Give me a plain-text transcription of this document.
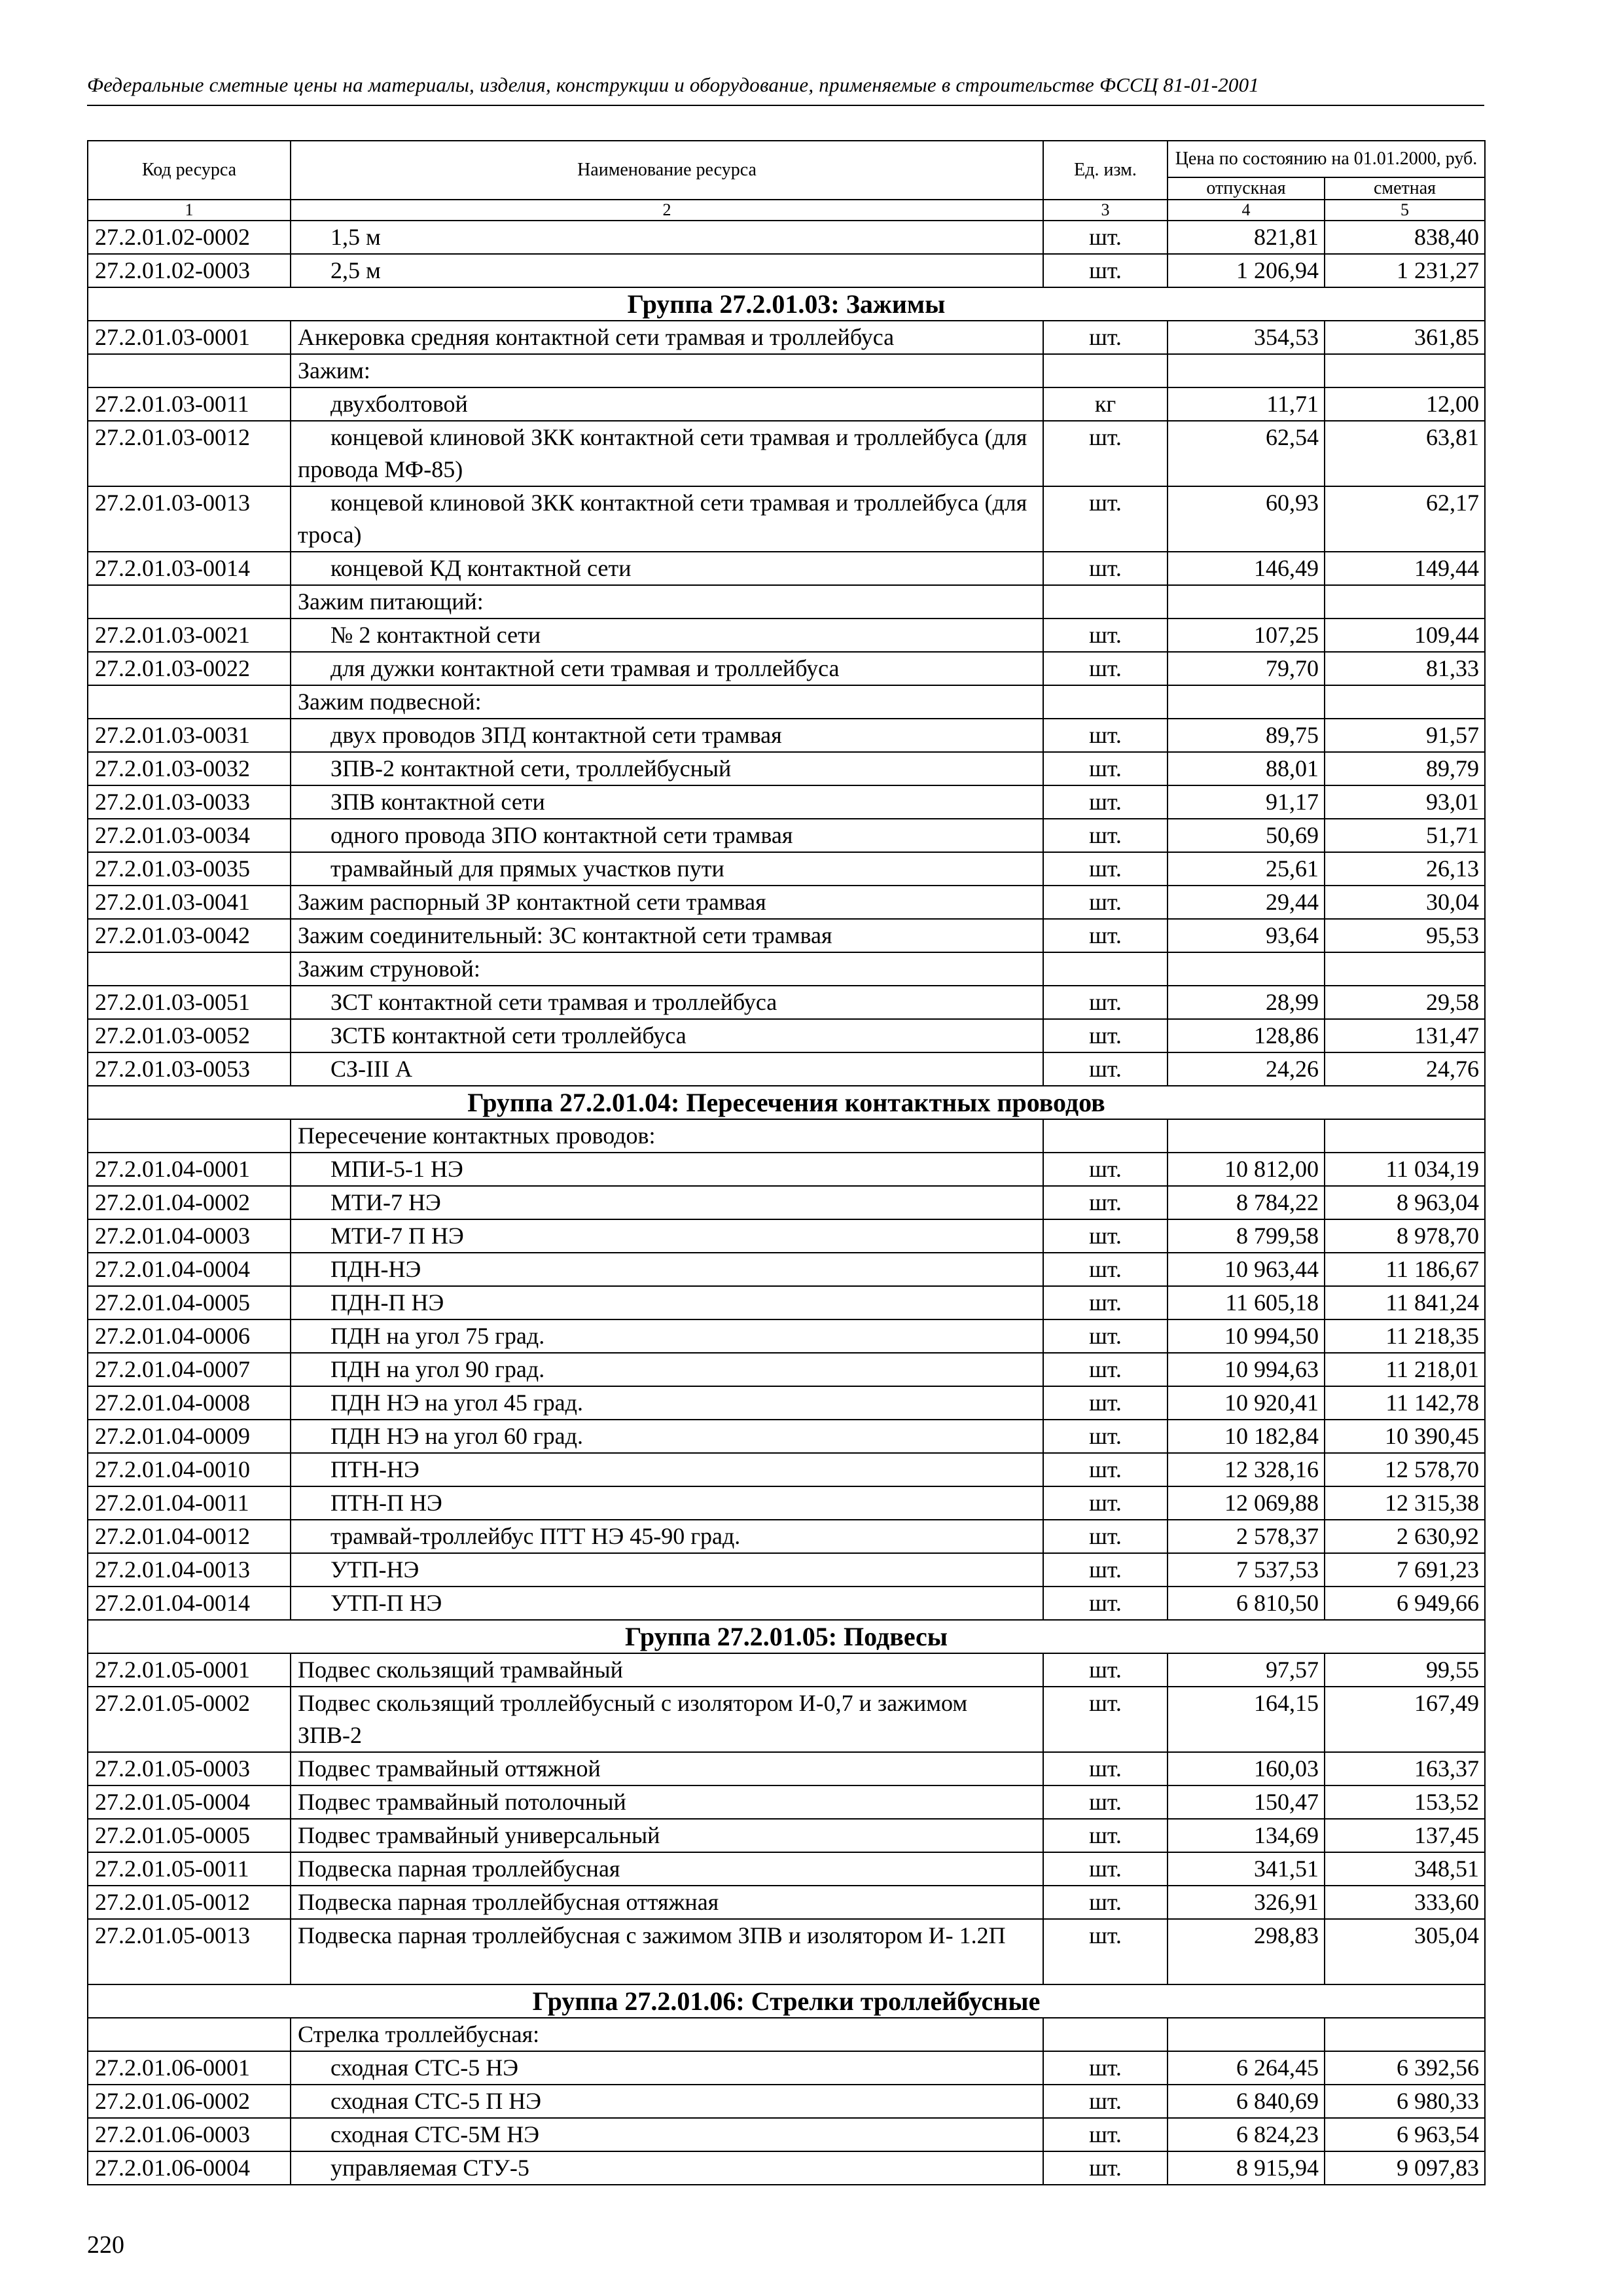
Федеральные сметные цены на материалы, изделия, конструкции и оборудование, применяемые в строительстве ФССЦ 81-01-2001
Код ресурса	Наименование ресурса	Ед. изм.	Цена по состоянию на 01.01.2000, руб.	
			отпускная	сметная
1	2	3	4	5
27.2.01.02-0002	1,5 м	шт.	821,81	838,40
27.2.01.02-0003	2,5 м	шт.	1 206,94	1 231,27
Группа 27.2.01.03: Зажимы				
27.2.01.03-0001	Анкеровка средняя контактной сети трамвая и троллейбуса	шт.	354,53	361,85
	Зажим:			
27.2.01.03-0011	двухболтовой	кг	11,71	12,00
27.2.01.03-0012	концевой клиновой ЗКК контактной сети трамвая и троллейбуса (для провода МФ-85)	шт.	62,54	63,81
27.2.01.03-0013	концевой клиновой ЗКК контактной сети трамвая и троллейбуса (для троса)	шт.	60,93	62,17
27.2.01.03-0014	концевой КД контактной сети	шт.	146,49	149,44
	Зажим питающий:			
27.2.01.03-0021	№ 2 контактной сети	шт.	107,25	109,44
27.2.01.03-0022	для дужки контактной сети трамвая и троллейбуса	шт.	79,70	81,33
	Зажим подвесной:			
27.2.01.03-0031	двух проводов ЗПД контактной сети трамвая	шт.	89,75	91,57
27.2.01.03-0032	ЗПВ-2 контактной сети, троллейбусный	шт.	88,01	89,79
27.2.01.03-0033	ЗПВ контактной сети	шт.	91,17	93,01
27.2.01.03-0034	одного провода ЗПО контактной сети трамвая	шт.	50,69	51,71
27.2.01.03-0035	трамвайный для прямых участков пути	шт.	25,61	26,13
27.2.01.03-0041	Зажим распорный ЗР контактной сети трамвая	шт.	29,44	30,04
27.2.01.03-0042	Зажим соединительный: ЗС контактной сети трамвая	шт.	93,64	95,53
	Зажим струновой:			
27.2.01.03-0051	ЗСТ контактной сети трамвая и троллейбуса	шт.	28,99	29,58
27.2.01.03-0052	ЗСТБ контактной сети троллейбуса	шт.	128,86	131,47
27.2.01.03-0053	СЗ-III А	шт.	24,26	24,76
Группа 27.2.01.04: Пересечения контактных проводов				
	Пересечение контактных проводов:			
27.2.01.04-0001	МПИ-5-1 НЭ	шт.	10 812,00	11 034,19
27.2.01.04-0002	МТИ-7 НЭ	шт.	8 784,22	8 963,04
27.2.01.04-0003	МТИ-7 П НЭ	шт.	8 799,58	8 978,70
27.2.01.04-0004	ПДН-НЭ	шт.	10 963,44	11 186,67
27.2.01.04-0005	ПДН-П НЭ	шт.	11 605,18	11 841,24
27.2.01.04-0006	ПДН на угол 75 град.	шт.	10 994,50	11 218,35
27.2.01.04-0007	ПДН на угол 90 град.	шт.	10 994,63	11 218,01
27.2.01.04-0008	ПДН НЭ на угол 45 град.	шт.	10 920,41	11 142,78
27.2.01.04-0009	ПДН НЭ на угол 60 град.	шт.	10 182,84	10 390,45
27.2.01.04-0010	ПТН-НЭ	шт.	12 328,16	12 578,70
27.2.01.04-0011	ПТН-П НЭ	шт.	12 069,88	12 315,38
27.2.01.04-0012	трамвай-троллейбус ПТТ НЭ 45-90 град.	шт.	2 578,37	2 630,92
27.2.01.04-0013	УТП-НЭ	шт.	7 537,53	7 691,23
27.2.01.04-0014	УТП-П НЭ	шт.	6 810,50	6 949,66
Группа 27.2.01.05: Подвесы				
27.2.01.05-0001	Подвес скользящий трамвайный	шт.	97,57	99,55
27.2.01.05-0002	Подвес скользящий троллейбусный с изолятором И-0,7 и зажимом ЗПВ-2	шт.	164,15	167,49
27.2.01.05-0003	Подвес трамвайный оттяжной	шт.	160,03	163,37
27.2.01.05-0004	Подвес трамвайный потолочный	шт.	150,47	153,52
27.2.01.05-0005	Подвес трамвайный универсальный	шт.	134,69	137,45
27.2.01.05-0011	Подвеска парная троллейбусная	шт.	341,51	348,51
27.2.01.05-0012	Подвеска парная троллейбусная оттяжная	шт.	326,91	333,60
27.2.01.05-0013	Подвеска парная троллейбусная с зажимом ЗПВ и изолятором И- 1.2П	шт.	298,83	305,04
Группа 27.2.01.06: Стрелки троллейбусные				
	Стрелка троллейбусная:			
27.2.01.06-0001	сходная СТС-5 НЭ	шт.	6 264,45	6 392,56
27.2.01.06-0002	сходная СТС-5 П НЭ	шт.	6 840,69	6 980,33
27.2.01.06-0003	сходная СТС-5М НЭ	шт.	6 824,23	6 963,54
27.2.01.06-0004	управляемая СТУ-5	шт.	8 915,94	9 097,83
220
